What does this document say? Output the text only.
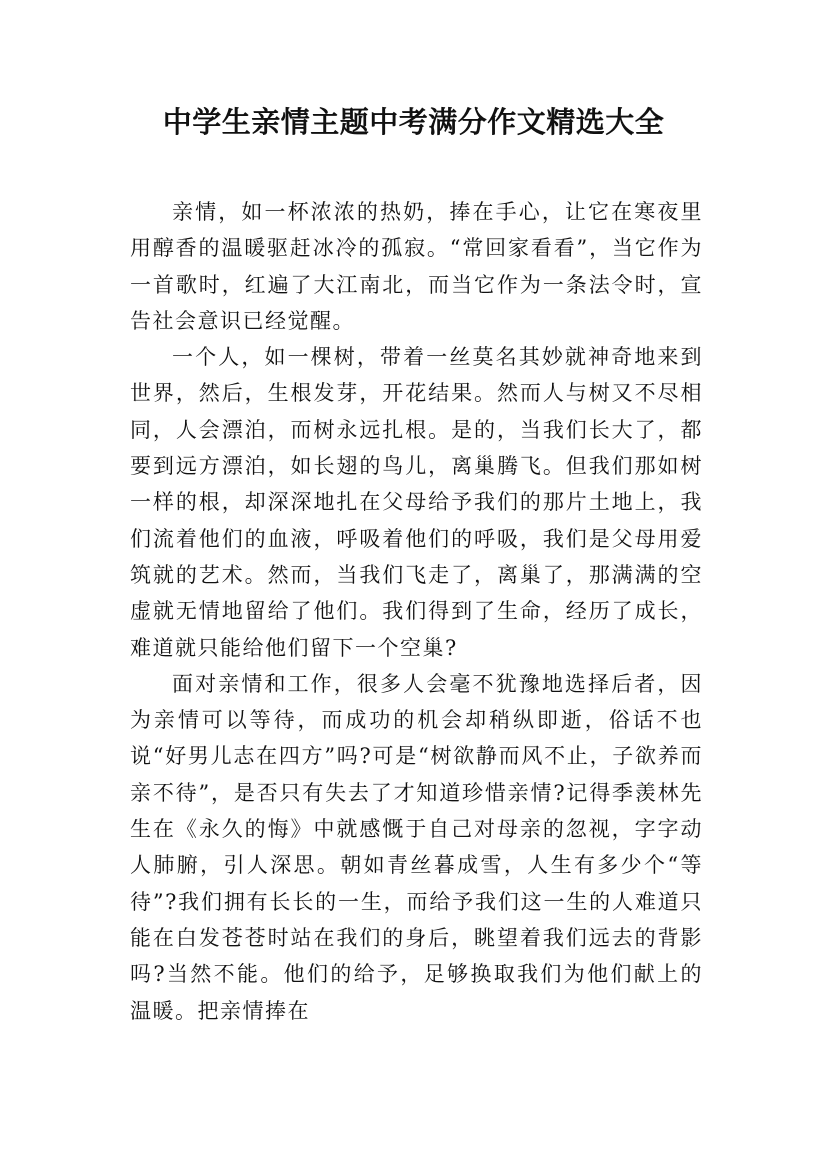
中学生亲情主题中考满分作文精选大全

亲情，如一杯浓浓的热奶，捧在手心，让它在寒夜里用醇香的温暖驱赶冰冷的孤寂。“常回家看看”，当它作为一首歌时，红遍了大江南北，而当它作为一条法令时，宣告社会意识已经觉醒。

一个人，如一棵树，带着一丝莫名其妙就神奇地来到世界，然后，生根发芽，开花结果。然而人与树又不尽相同，人会漂泊，而树永远扎根。是的，当我们长大了，都要到远方漂泊，如长翅的鸟儿，离巢腾飞。但我们那如树一样的根，却深深地扎在父母给予我们的那片土地上，我们流着他们的血液，呼吸着他们的呼吸，我们是父母用爱筑就的艺术。然而，当我们飞走了，离巢了，那满满的空虚就无情地留给了他们。我们得到了生命，经历了成长，难道就只能给他们留下一个空巢?

面对亲情和工作，很多人会毫不犹豫地选择后者，因为亲情可以等待，而成功的机会却稍纵即逝，俗话不也说“好男儿志在四方”吗?可是“树欲静而风不止，子欲养而亲不待”，是否只有失去了才知道珍惜亲情?记得季羡林先生在《永久的悔》中就感慨于自己对母亲的忽视，字字动人肺腑，引人深思。朝如青丝暮成雪，人生有多少个“等待”?我们拥有长长的一生，而给予我们这一生的人难道只能在白发苍苍时站在我们的身后，眺望着我们远去的背影吗?当然不能。他们的给予，足够换取我们为他们献上的温暖。把亲情捧在
